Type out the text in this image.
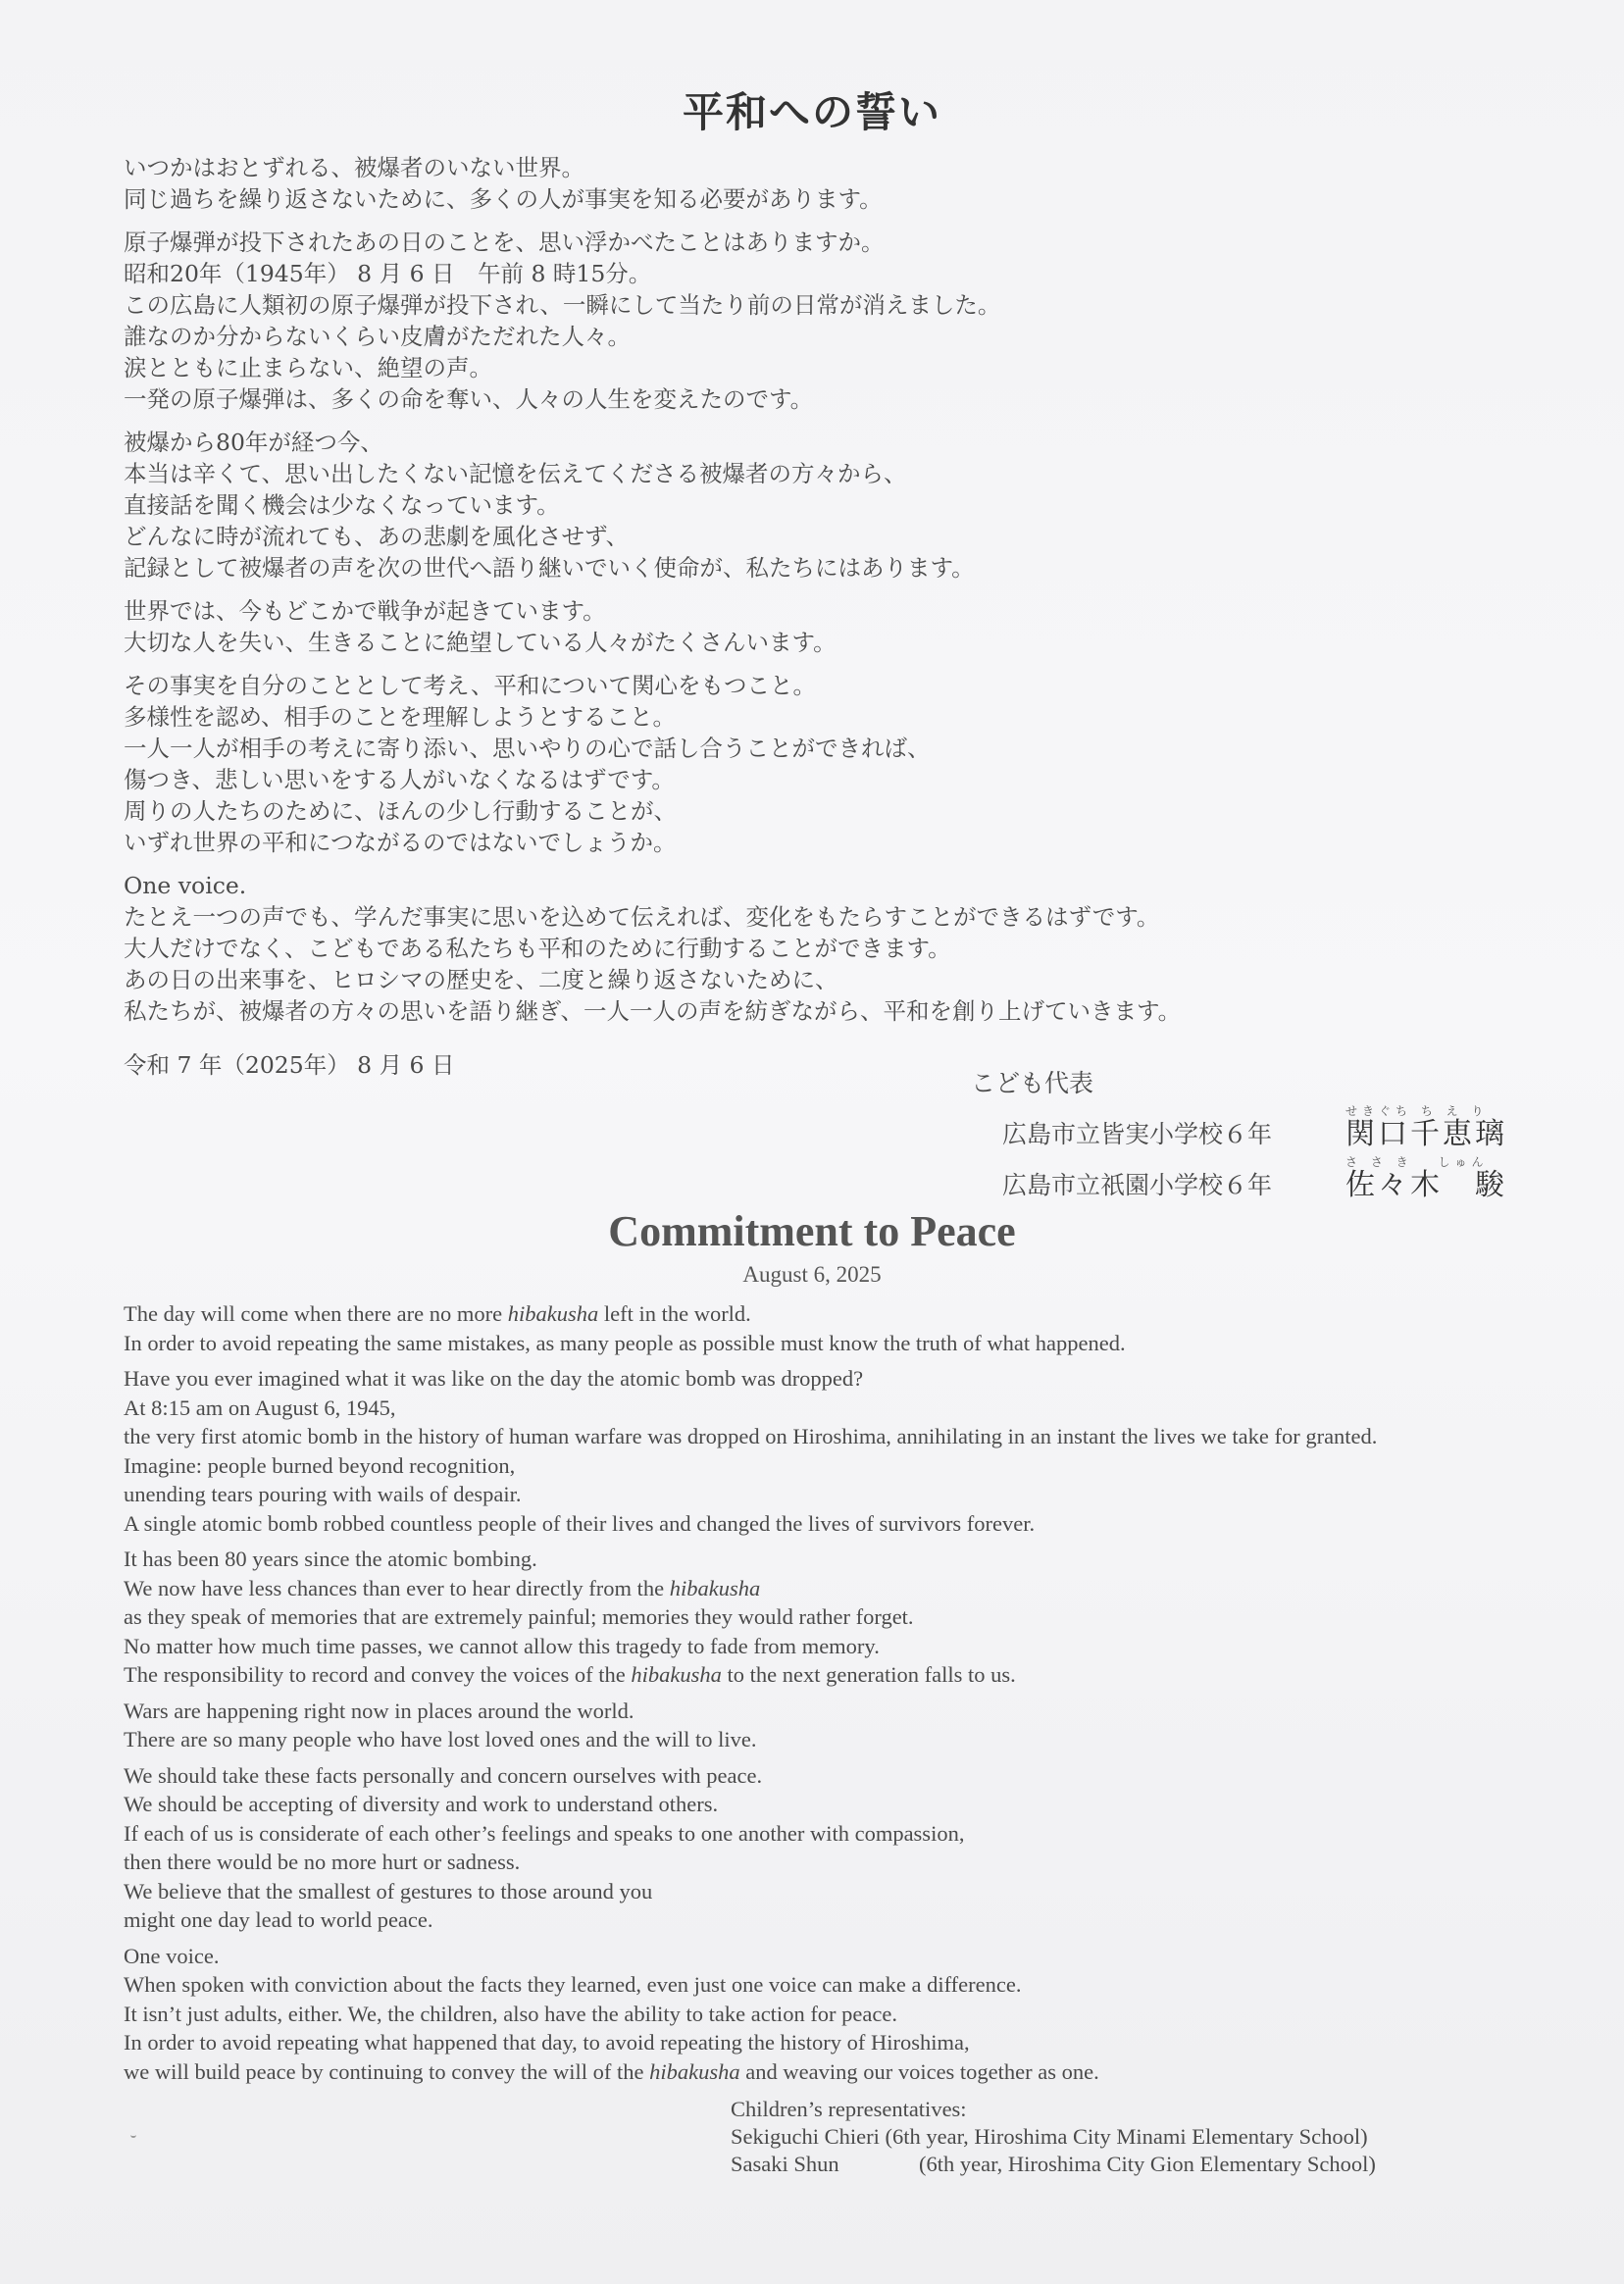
平和への誓い
いつかはおとずれる、被爆者のいない世界。
同じ過ちを繰り返さないために、多くの人が事実を知る必要があります。
原子爆弾が投下されたあの日のことを、思い浮かべたことはありますか。
昭和20年（1945年） 8 月 6 日　午前 8 時15分。
この広島に人類初の原子爆弾が投下され、一瞬にして当たり前の日常が消えました。
誰なのか分からないくらい皮膚がただれた人々。
涙とともに止まらない、絶望の声。
一発の原子爆弾は、多くの命を奪い、人々の人生を変えたのです。
被爆から80年が経つ今、
本当は辛くて、思い出したくない記憶を伝えてくださる被爆者の方々から、
直接話を聞く機会は少なくなっています。
どんなに時が流れても、あの悲劇を風化させず、
記録として被爆者の声を次の世代へ語り継いでいく使命が、私たちにはあります。
世界では、今もどこかで戦争が起きています。
大切な人を失い、生きることに絶望している人々がたくさんいます。
その事実を自分のこととして考え、平和について関心をもつこと。
多様性を認め、相手のことを理解しようとすること。
一人一人が相手の考えに寄り添い、思いやりの心で話し合うことができれば、
傷つき、悲しい思いをする人がいなくなるはずです。
周りの人たちのために、ほんの少し行動することが、
いずれ世界の平和につながるのではないでしょうか。
One voice.
たとえ一つの声でも、学んだ事実に思いを込めて伝えれば、変化をもたらすことができるはずです。
大人だけでなく、こどもである私たちも平和のために行動することができます。
あの日の出来事を、ヒロシマの歴史を、二度と繰り返さないために、
私たちが、被爆者の方々の思いを語り継ぎ、一人一人の声を紡ぎながら、平和を創り上げていきます。

令和 7 年（2025年） 8 月 6 日

こども代表
広島市立皆実小学校６年
せきぐち ち え り
関口千恵璃
広島市立祇園小学校６年
さ さ き　 しゅん
佐々木　駿
Commitment to Peace
August 6, 2025
The day will come when there are no more hibakusha left in the world.
In order to avoid repeating the same mistakes, as many people as possible must know the truth of what happened.
Have you ever imagined what it was like on the day the atomic bomb was dropped?
At 8:15 am on August 6, 1945,
the very first atomic bomb in the history of human warfare was dropped on Hiroshima, annihilating in an instant the lives we take for granted.
Imagine: people burned beyond recognition,
unending tears pouring with wails of despair.
A single atomic bomb robbed countless people of their lives and changed the lives of survivors forever.
It has been 80 years since the atomic bombing.
We now have less chances than ever to hear directly from the hibakusha
as they speak of memories that are extremely painful; memories they would rather forget.
No matter how much time passes, we cannot allow this tragedy to fade from memory.
The responsibility to record and convey the voices of the hibakusha to the next generation falls to us.
Wars are happening right now in places around the world.
There are so many people who have lost loved ones and the will to live.
We should take these facts personally and concern ourselves with peace.
We should be accepting of diversity and work to understand others.
If each of us is considerate of each other’s feelings and speaks to one another with compassion,
then there would be no more hurt or sadness.
We believe that the smallest of gestures to those around you
might one day lead to world peace.
One voice.
When spoken with conviction about the facts they learned, even just one voice can make a difference.
It isn’t just adults, either. We, the children, also have the ability to take action for peace.
In order to avoid repeating what happened that day, to avoid repeating the history of Hiroshima,
we will build peace by continuing to convey the will of the hibakusha and weaving our voices together as one.
Children’s representatives:
Sekiguchi Chieri (6th year, Hiroshima City Minami Elementary School)
Sasaki Shun	(6th year, Hiroshima City Gion Elementary School)
